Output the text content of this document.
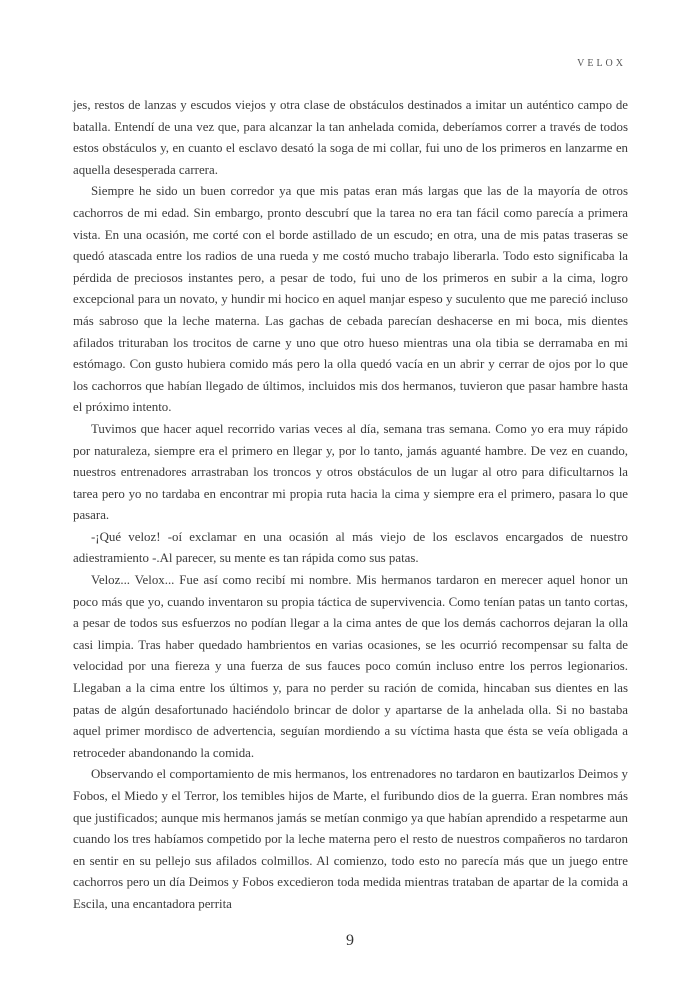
VELOX

jes, restos de lanzas y escudos viejos y otra clase de obstáculos destinados a imitar un auténtico campo de batalla. Entendí de una vez que, para alcanzar la tan anhelada comida, deberíamos correr a través de todos estos obstáculos y, en cuanto el esclavo desató la soga de mi collar, fui uno de los primeros en lanzarme en aquella desesperada carrera.

Siempre he sido un buen corredor ya que mis patas eran más largas que las de la mayoría de otros cachorros de mi edad. Sin embargo, pronto descubrí que la tarea no era tan fácil como parecía a primera vista. En una ocasión, me corté con el borde astillado de un escudo; en otra, una de mis patas traseras se quedó atascada entre los radios de una rueda y me costó mucho trabajo liberarla. Todo esto significaba la pérdida de preciosos instantes pero, a pesar de todo, fui uno de los primeros en subir a la cima, logro excepcional para un novato, y hundir mi hocico en aquel manjar espeso y suculento que me pareció incluso más sabroso que la leche materna. Las gachas de cebada parecían deshacerse en mi boca, mis dientes afilados trituraban los trocitos de carne y uno que otro hueso mientras una ola tibia se derramaba en mi estómago. Con gusto hubiera comido más pero la olla quedó vacía en un abrir y cerrar de ojos por lo que los cachorros que habían llegado de últimos, incluidos mis dos hermanos, tuvieron que pasar hambre hasta el próximo intento.

Tuvimos que hacer aquel recorrido varias veces al día, semana tras semana. Como yo era muy rápido por naturaleza, siempre era el primero en llegar y, por lo tanto, jamás aguanté hambre. De vez en cuando, nuestros entrenadores arrastraban los troncos y otros obstáculos de un lugar al otro para dificultarnos la tarea pero yo no tardaba en encontrar mi propia ruta hacia la cima y siempre era el primero, pasara lo que pasara.

-¡Qué veloz! -oí exclamar en una ocasión al más viejo de los esclavos encargados de nuestro adiestramiento -.Al parecer, su mente es tan rápida como sus patas.

Veloz... Velox... Fue así como recibí mi nombre. Mis hermanos tardaron en merecer aquel honor un poco más que yo, cuando inventaron su propia táctica de supervivencia. Como tenían patas un tanto cortas, a pesar de todos sus esfuerzos no podían llegar a la cima antes de que los demás cachorros dejaran la olla casi limpia. Tras haber quedado hambrientos en varias ocasiones, se les ocurrió recompensar su falta de velocidad por una fiereza y una fuerza de sus fauces poco común incluso entre los perros legionarios. Llegaban a la cima entre los últimos y, para no perder su ración de comida, hincaban sus dientes en las patas de algún desafortunado haciéndolo brincar de dolor y apartarse de la anhelada olla. Si no bastaba aquel primer mordisco de advertencia, seguían mordiendo a su víctima hasta que ésta se veía obligada a retroceder abandonando la comida.

Observando el comportamiento de mis hermanos, los entrenadores no tardaron en bautizarlos Deimos y Fobos, el Miedo y el Terror, los temibles hijos de Marte, el furibundo dios de la guerra. Eran nombres más que justificados; aunque mis hermanos jamás se metían conmigo ya que habían aprendido a respetarme aun cuando los tres habíamos competido por la leche materna pero el resto de nuestros compañeros no tardaron en sentir en su pellejo sus afilados colmillos. Al comienzo, todo esto no parecía más que un juego entre cachorros pero un día Deimos y Fobos excedieron toda medida mientras trataban de apartar de la comida a Escila, una encantadora perrita

9
